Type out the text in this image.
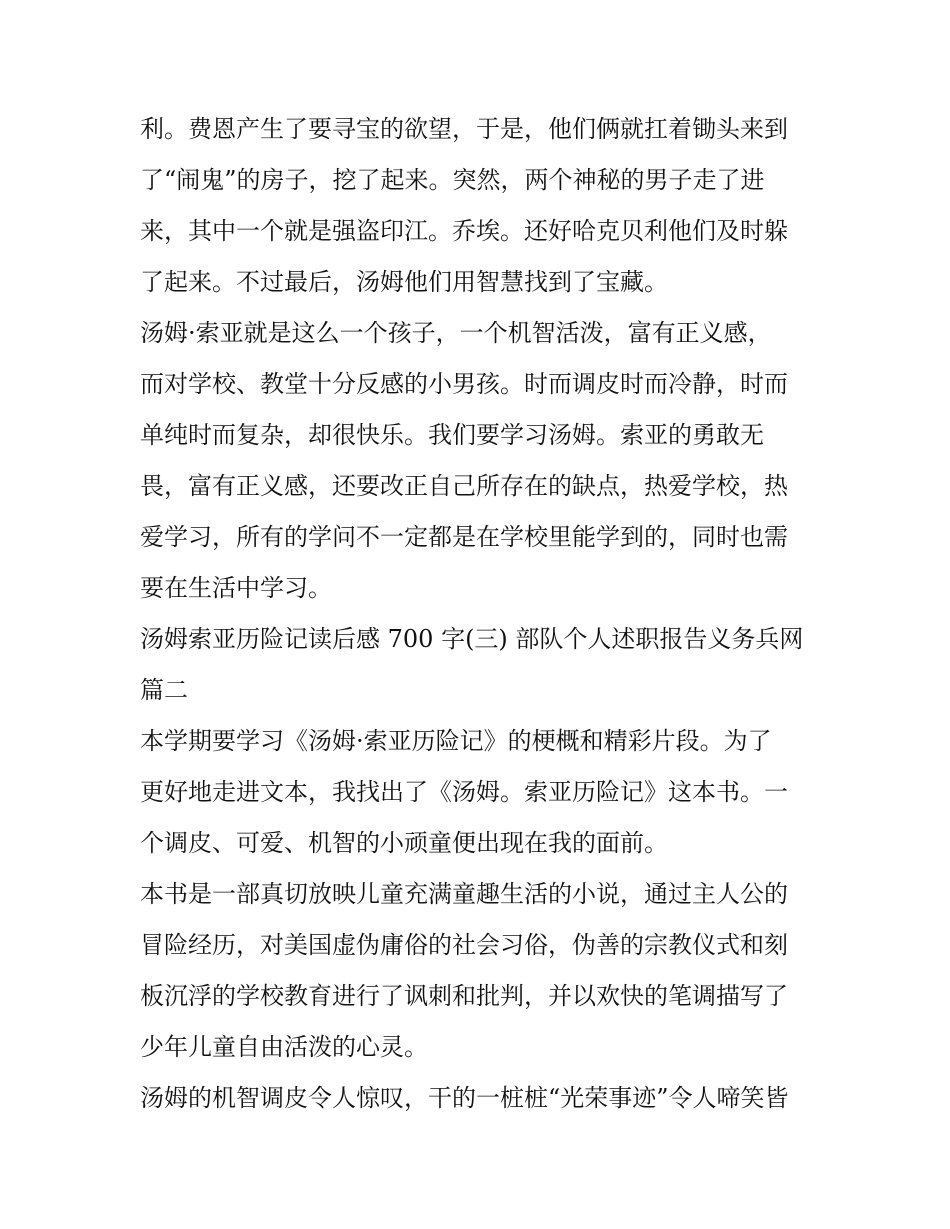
利。费恩产生了要寻宝的欲望，于是，他们俩就扛着锄头来到
了“闹鬼”的房子，挖了起来。突然，两个神秘的男子走了进
来，其中一个就是强盗印江。乔埃。还好哈克贝利他们及时躲
了起来。不过最后，汤姆他们用智慧找到了宝藏。
汤姆·索亚就是这么一个孩子，一个机智活泼，富有正义感，
而对学校、教堂十分反感的小男孩。时而调皮时而冷静，时而
单纯时而复杂，却很快乐。我们要学习汤姆。索亚的勇敢无
畏，富有正义感，还要改正自己所存在的缺点，热爱学校，热
爱学习，所有的学问不一定都是在学校里能学到的，同时也需
要在生活中学习。
汤姆索亚历险记读后感 700 字(三) 部队个人述职报告义务兵网
篇二
本学期要学习《汤姆·索亚历险记》的梗概和精彩片段。为了
更好地走进文本，我找出了《汤姆。索亚历险记》这本书。一
个调皮、可爱、机智的小顽童便出现在我的面前。
本书是一部真切放映儿童充满童趣生活的小说，通过主人公的
冒险经历，对美国虚伪庸俗的社会习俗，伪善的宗教仪式和刻
板沉浮的学校教育进行了讽刺和批判，并以欢快的笔调描写了
少年儿童自由活泼的心灵。
汤姆的机智调皮令人惊叹，干的一桩桩“光荣事迹”令人啼笑皆
